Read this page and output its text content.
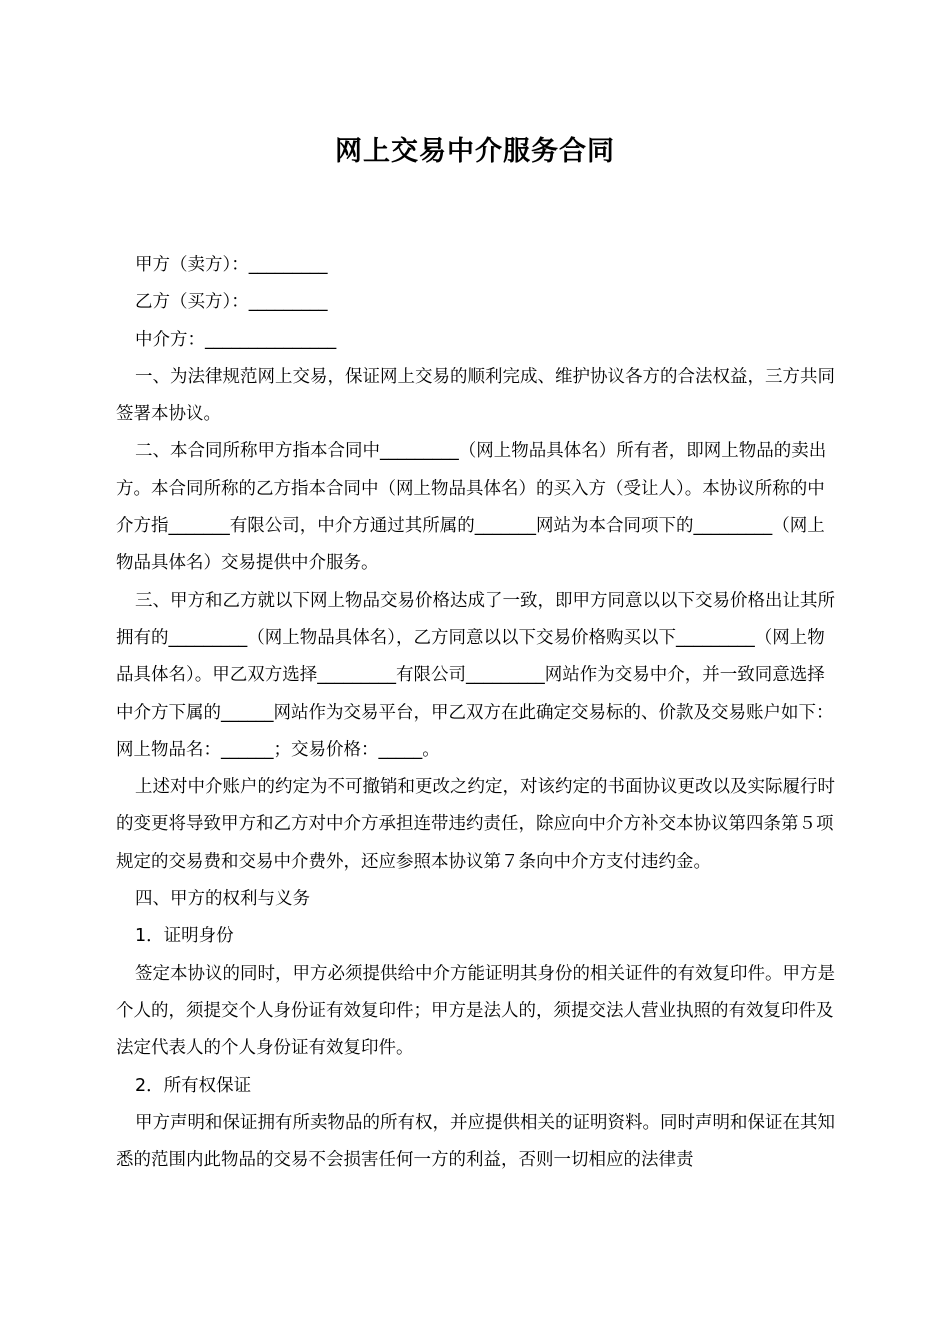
网上交易中介服务合同

甲方（卖方）：_________

乙方（买方）：_________

中介方：_______________

一、为法律规范网上交易，保证网上交易的顺利完成、维护协议各方的合法权益，三方共同签署本协议。

二、本合同所称甲方指本合同中_________（网上物品具体名）所有者，即网上物品的卖出方。本合同所称的乙方指本合同中（网上物品具体名）的买入方（受让人）。本协议所称的中介方指_______有限公司，中介方通过其所属的_______网站为本合同项下的_________（网上物品具体名）交易提供中介服务。

三、甲方和乙方就以下网上物品交易价格达成了一致，即甲方同意以以下交易价格出让其所拥有的_________（网上物品具体名），乙方同意以以下交易价格购买以下_________（网上物品具体名）。甲乙双方选择_________有限公司_________网站作为交易中介，并一致同意选择中介方下属的______网站作为交易平台，甲乙双方在此确定交易标的、价款及交易账户如下：网上物品名：______；交易价格：_____。

上述对中介账户的约定为不可撤销和更改之约定，对该约定的书面协议更改以及实际履行时的变更将导致甲方和乙方对中介方承担连带违约责任，除应向中介方补交本协议第四条第５项规定的交易费和交易中介费外，还应参照本协议第７条向中介方支付违约金。

四、甲方的权利与义务

1．证明身份

签定本协议的同时，甲方必须提供给中介方能证明其身份的相关证件的有效复印件。甲方是个人的，须提交个人身份证有效复印件；甲方是法人的，须提交法人营业执照的有效复印件及法定代表人的个人身份证有效复印件。

2．所有权保证

甲方声明和保证拥有所卖物品的所有权，并应提供相关的证明资料。同时声明和保证在其知悉的范围内此物品的交易不会损害任何一方的利益，否则一切相应的法律责
